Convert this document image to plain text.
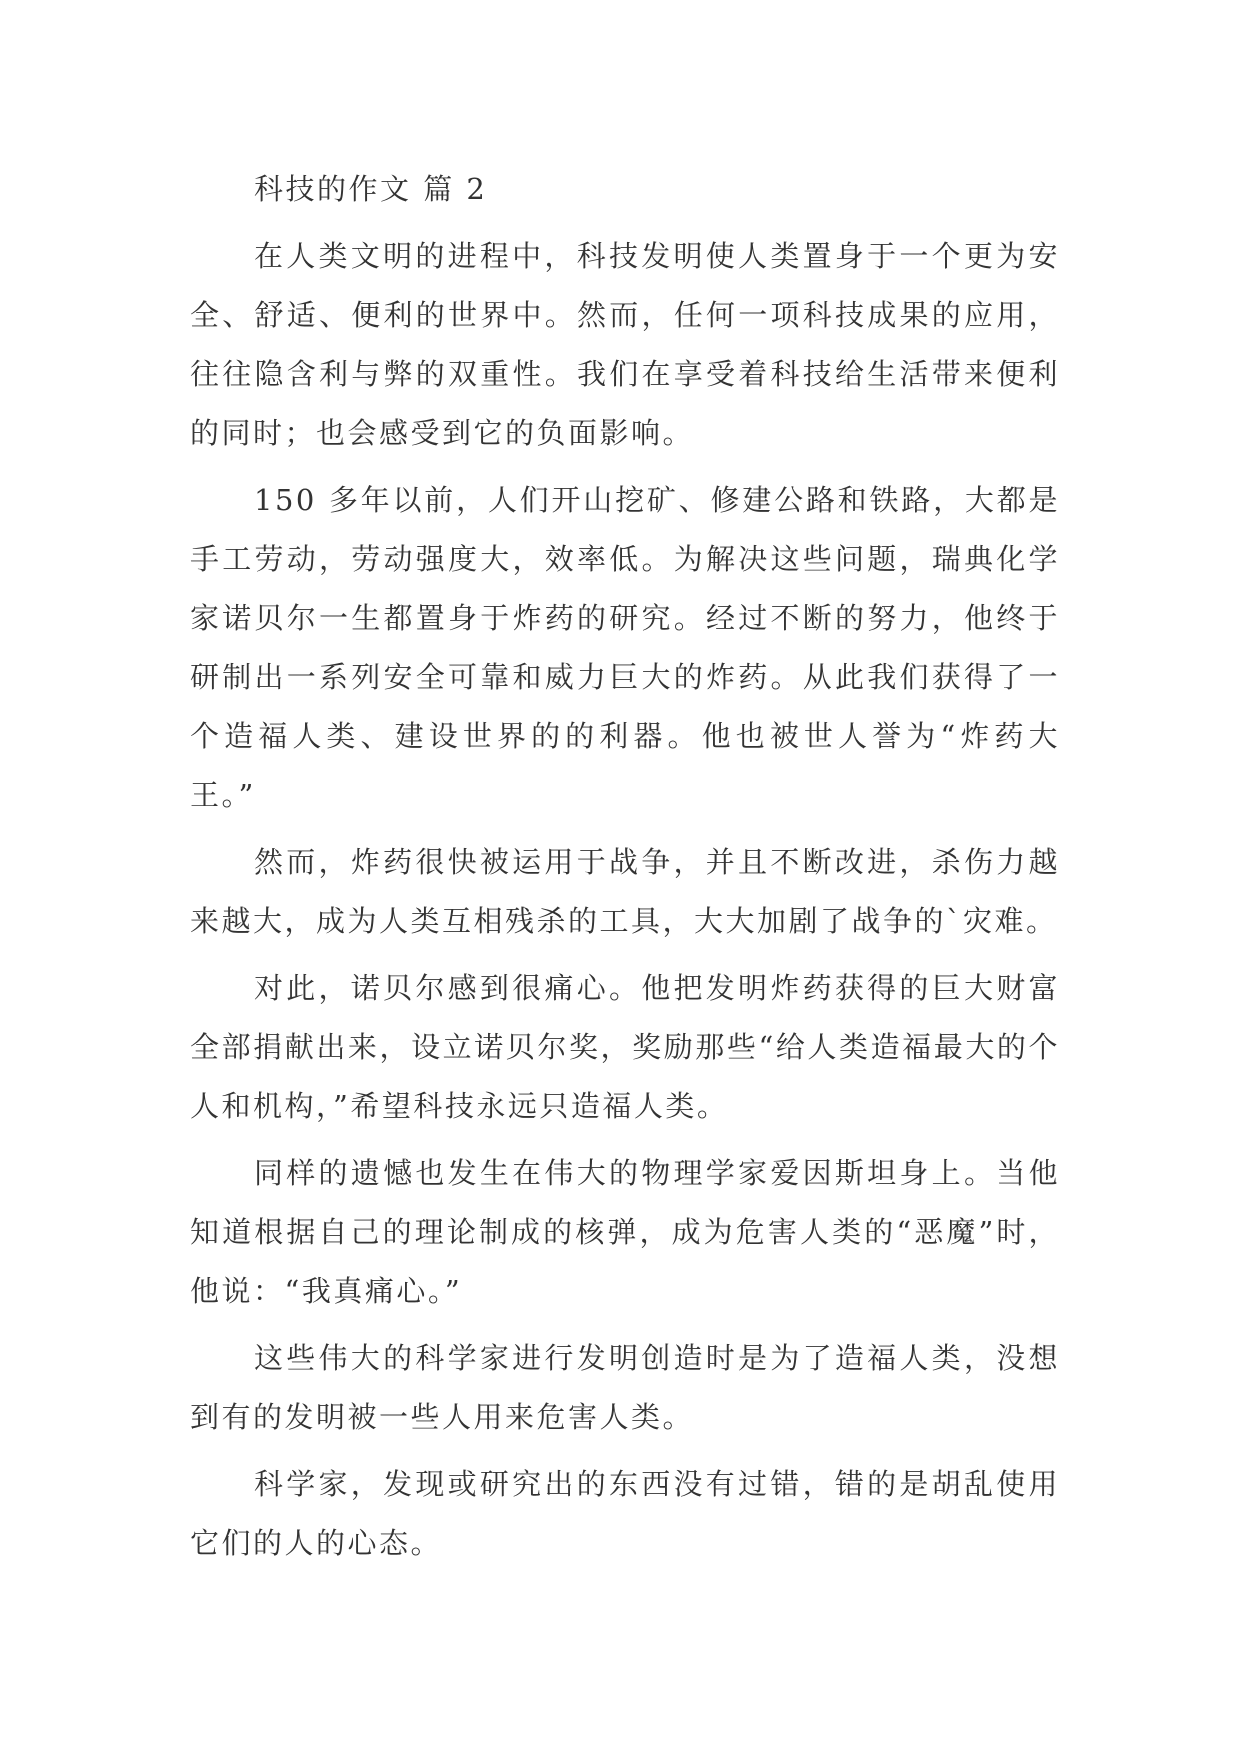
科技的作文 篇 2

在人类文明的进程中，科技发明使人类置身于一个更为安全、舒适、便利的世界中。然而，任何一项科技成果的应用，往往隐含利与弊的双重性。我们在享受着科技给生活带来便利的同时；也会感受到它的负面影响。

150 多年以前，人们开山挖矿、修建公路和铁路，大都是手工劳动，劳动强度大，效率低。为解决这些问题，瑞典化学家诺贝尔一生都置身于炸药的研究。经过不断的努力，他终于研制出一系列安全可靠和威力巨大的炸药。从此我们获得了一个造福人类、建设世界的的利器。他也被世人誉为“炸药大王。”

然而，炸药很快被运用于战争，并且不断改进，杀伤力越来越大，成为人类互相残杀的工具，大大加剧了战争的`灾难。

对此，诺贝尔感到很痛心。他把发明炸药获得的巨大财富全部捐献出来，设立诺贝尔奖，奖励那些“给人类造福最大的个人和机构，”希望科技永远只造福人类。

同样的遗憾也发生在伟大的物理学家爱因斯坦身上。当他知道根据自己的理论制成的核弹，成为危害人类的“恶魔”时，他说：“我真痛心。”

这些伟大的科学家进行发明创造时是为了造福人类，没想到有的发明被一些人用来危害人类。

科学家，发现或研究出的东西没有过错，错的是胡乱使用它们的人的心态。
